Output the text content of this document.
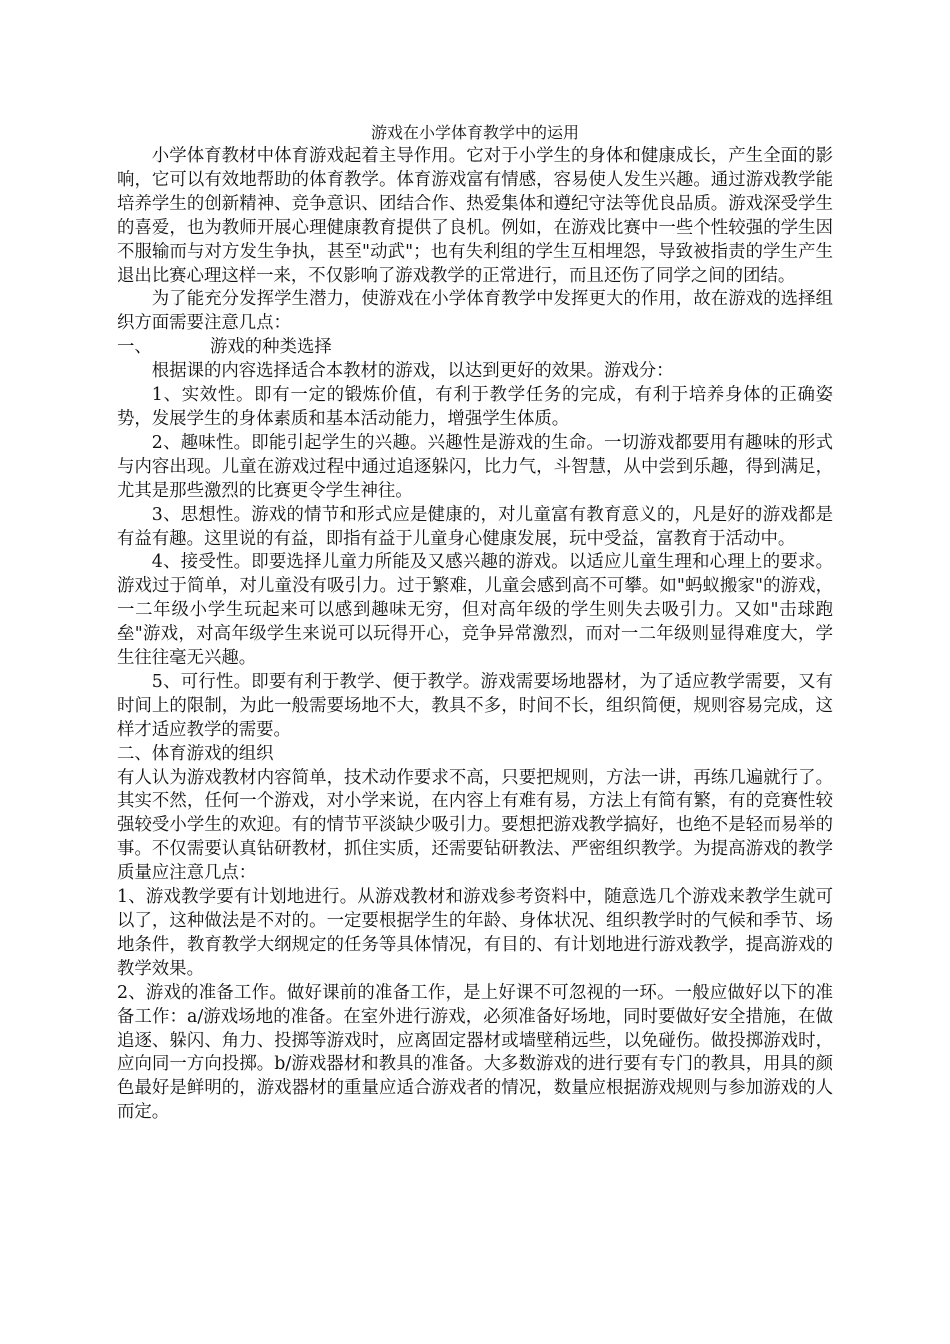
游戏在小学体育教学中的运用

小学体育教材中体育游戏起着主导作用。它对于小学生的身体和健康成长，产生全面的影响，它可以有效地帮助的体育教学。体育游戏富有情感，容易使人发生兴趣。通过游戏教学能培养学生的创新精神、竞争意识、团结合作、热爱集体和遵纪守法等优良品质。游戏深受学生的喜爱，也为教师开展心理健康教育提供了良机。例如，在游戏比赛中一些个性较强的学生因不服输而与对方发生争执，甚至"动武"；也有失利组的学生互相埋怨，导致被指责的学生产生退出比赛心理这样一来，不仅影响了游戏教学的正常进行，而且还伤了同学之间的团结。

为了能充分发挥学生潜力，使游戏在小学体育教学中发挥更大的作用，故在游戏的选择组织方面需要注意几点：

一、	游戏的种类选择

根据课的内容选择适合本教材的游戏，以达到更好的效果。游戏分：

1、实效性。即有一定的锻炼价值，有利于教学任务的完成，有利于培养身体的正确姿势，发展学生的身体素质和基本活动能力，增强学生体质。

2、趣味性。即能引起学生的兴趣。兴趣性是游戏的生命。一切游戏都要用有趣味的形式与内容出现。儿童在游戏过程中通过追逐躲闪，比力气，斗智慧，从中尝到乐趣，得到满足，尤其是那些激烈的比赛更令学生神往。

3、思想性。游戏的情节和形式应是健康的，对儿童富有教育意义的，凡是好的游戏都是有益有趣。这里说的有益，即指有益于儿童身心健康发展，玩中受益，富教育于活动中。

4、接受性。即要选择儿童力所能及又感兴趣的游戏。以适应儿童生理和心理上的要求。游戏过于简单，对儿童没有吸引力。过于繁难，儿童会感到高不可攀。如"蚂蚁搬家"的游戏，一二年级小学生玩起来可以感到趣味无穷，但对高年级的学生则失去吸引力。又如"击球跑垒"游戏，对高年级学生来说可以玩得开心，竞争异常激烈，而对一二年级则显得难度大，学生往往毫无兴趣。

5、可行性。即要有利于教学、便于教学。游戏需要场地器材，为了适应教学需要，又有时间上的限制，为此一般需要场地不大，教具不多，时间不长，组织简便，规则容易完成，这样才适应教学的需要。

二、体育游戏的组织

有人认为游戏教材内容简单，技术动作要求不高，只要把规则，方法一讲，再练几遍就行了。其实不然，任何一个游戏，对小学来说，在内容上有难有易，方法上有简有繁，有的竞赛性较强较受小学生的欢迎。有的情节平淡缺少吸引力。要想把游戏教学搞好，也绝不是轻而易举的事。不仅需要认真钻研教材，抓住实质，还需要钻研教法、严密组织教学。为提高游戏的教学质量应注意几点：

1、游戏教学要有计划地进行。从游戏教材和游戏参考资料中，随意选几个游戏来教学生就可以了，这种做法是不对的。一定要根据学生的年龄、身体状况、组织教学时的气候和季节、场地条件，教育教学大纲规定的任务等具体情况，有目的、有计划地进行游戏教学，提高游戏的教学效果。

2、游戏的准备工作。做好课前的准备工作，是上好课不可忽视的一环。一般应做好以下的准备工作：a/游戏场地的准备。在室外进行游戏，必须准备好场地，同时要做好安全措施，在做追逐、躲闪、角力、投掷等游戏时，应离固定器材或墙壁稍远些，以免碰伤。做投掷游戏时，应向同一方向投掷。b/游戏器材和教具的准备。大多数游戏的进行要有专门的教具，用具的颜色最好是鲜明的，游戏器材的重量应适合游戏者的情况，数量应根据游戏规则与参加游戏的人而定。
